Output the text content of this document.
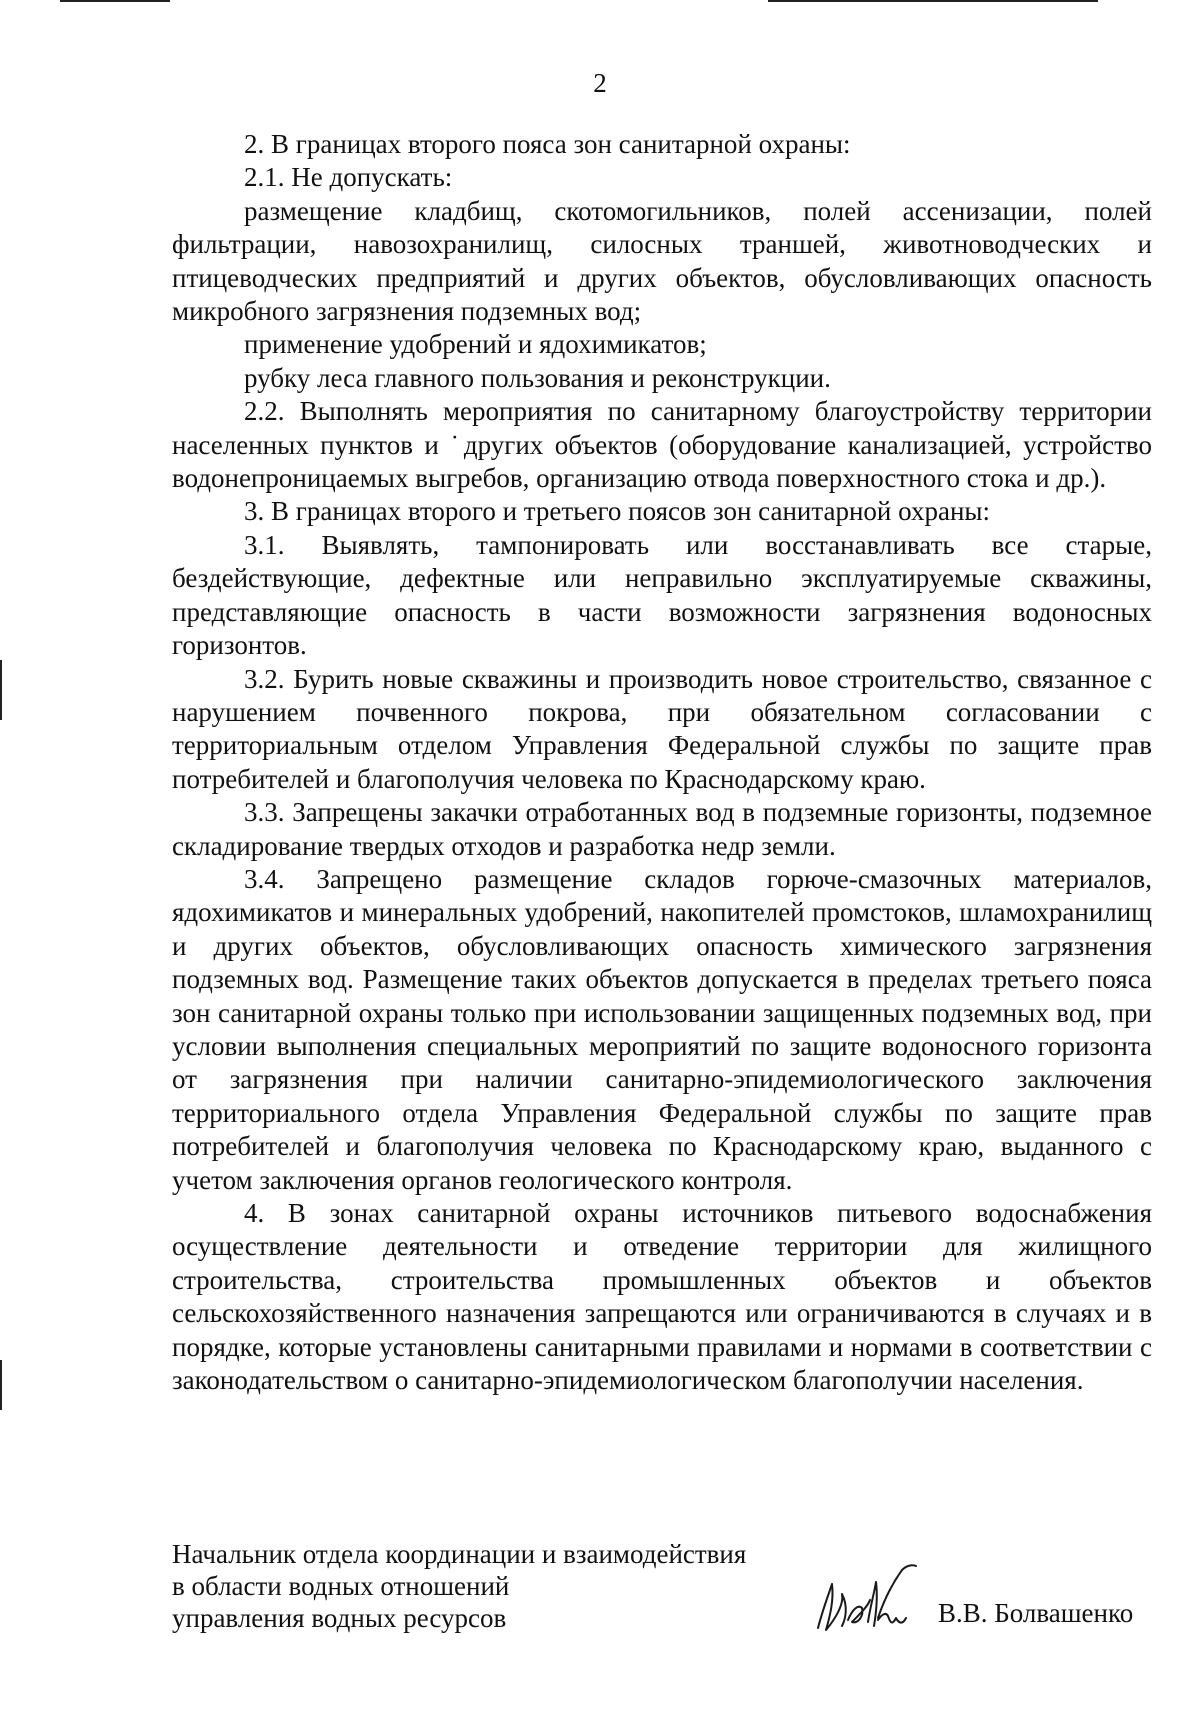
2

2. В границах второго пояса зон санитарной охраны:

2.1. Не допускать:

размещение кладбищ, скотомогильников, полей ассенизации, полей фильтрации, навозохранилищ, силосных траншей, животноводческих и птицеводческих предприятий и других объектов, обусловливающих опасность микробного загрязнения подземных вод;

применение удобрений и ядохимикатов;

рубку леса главного пользования и реконструкции.

2.2. Выполнять мероприятия по санитарному благоустройству территории населенных пунктов и ˙других объектов (оборудование канализацией, устройство водонепроницаемых выгребов, организацию отвода поверхностного стока и др.).

3. В границах второго и третьего поясов зон санитарной охраны:

3.1. Выявлять, тампонировать или восстанавливать все старые, бездействующие, дефектные или неправильно эксплуатируемые скважины, представляющие опасность в части возможности загрязнения водоносных горизонтов.

3.2. Бурить новые скважины и производить новое строительство, связанное с нарушением почвенного покрова, при обязательном согласовании с территориальным отделом Управления Федеральной службы по защите прав потребителей и благополучия человека по Краснодарскому краю.

3.3. Запрещены закачки отработанных вод в подземные горизонты, подземное складирование твердых отходов и разработка недр земли.

3.4. Запрещено размещение складов горюче-смазочных материалов, ядохимикатов и минеральных удобрений, накопителей промстоков, шламохранилищ и других объектов, обусловливающих опасность химического загрязнения подземных вод. Размещение таких объектов допускается в пределах третьего пояса зон санитарной охраны только при использовании защищенных подземных вод, при условии выполнения специальных мероприятий по защите водоносного горизонта от загрязнения при наличии санитарно-эпидемиологического заключения территориального отдела Управления Федеральной службы по защите прав потребителей и благополучия человека по Краснодарскому краю, выданного с учетом заключения органов геологического контроля.

4. В зонах санитарной охраны источников питьевого водоснабжения осуществление деятельности и отведение территории для жилищного строительства, строительства промышленных объектов и объектов сельскохозяйственного назначения запрещаются или ограничиваются в случаях и в порядке, которые установлены санитарными правилами и нормами в соответствии с законодательством о санитарно-эпидемиологическом благополучии населения.

Начальник отдела координации и взаимодействия
в области водных отношений
управления водных ресурсов	В.В. Болвашенко
